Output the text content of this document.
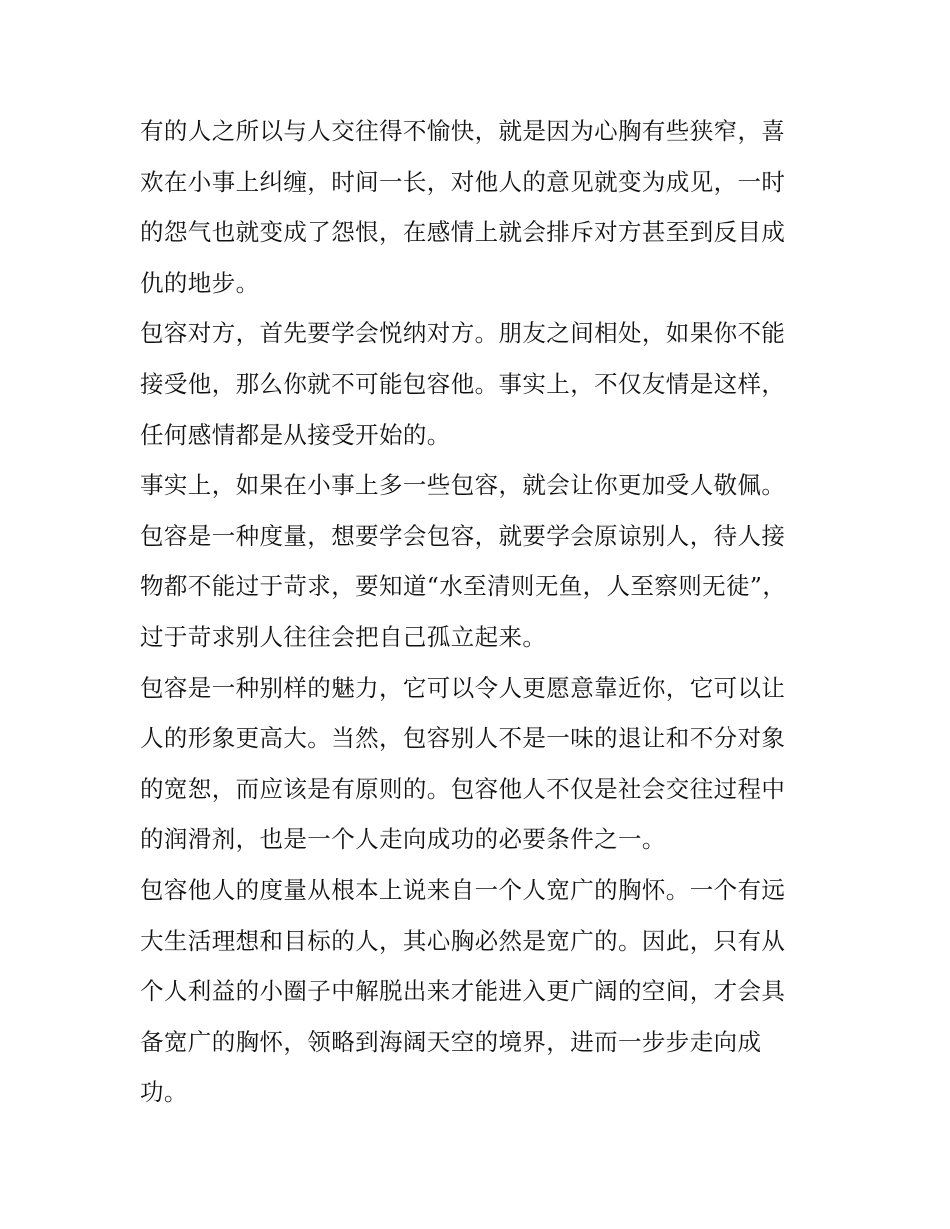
有的人之所以与人交往得不愉快，就是因为心胸有些狭窄，喜
欢在小事上纠缠，时间一长，对他人的意见就变为成见，一时
的怨气也就变成了怨恨，在感情上就会排斥对方甚至到反目成
仇的地步。
包容对方，首先要学会悦纳对方。朋友之间相处，如果你不能
接受他，那么你就不可能包容他。事实上，不仅友情是这样，
任何感情都是从接受开始的。
事实上，如果在小事上多一些包容，就会让你更加受人敬佩。
包容是一种度量，想要学会包容，就要学会原谅别人，待人接
物都不能过于苛求，要知道“水至清则无鱼，人至察则无徒”，
过于苛求别人往往会把自己孤立起来。
包容是一种别样的魅力，它可以令人更愿意靠近你，它可以让
人的形象更高大。当然，包容别人不是一味的退让和不分对象
的宽恕，而应该是有原则的。包容他人不仅是社会交往过程中
的润滑剂，也是一个人走向成功的必要条件之一。
包容他人的度量从根本上说来自一个人宽广的胸怀。一个有远
大生活理想和目标的人，其心胸必然是宽广的。因此，只有从
个人利益的小圈子中解脱出来才能进入更广阔的空间，才会具
备宽广的胸怀，领略到海阔天空的境界，进而一步步走向成
功。
